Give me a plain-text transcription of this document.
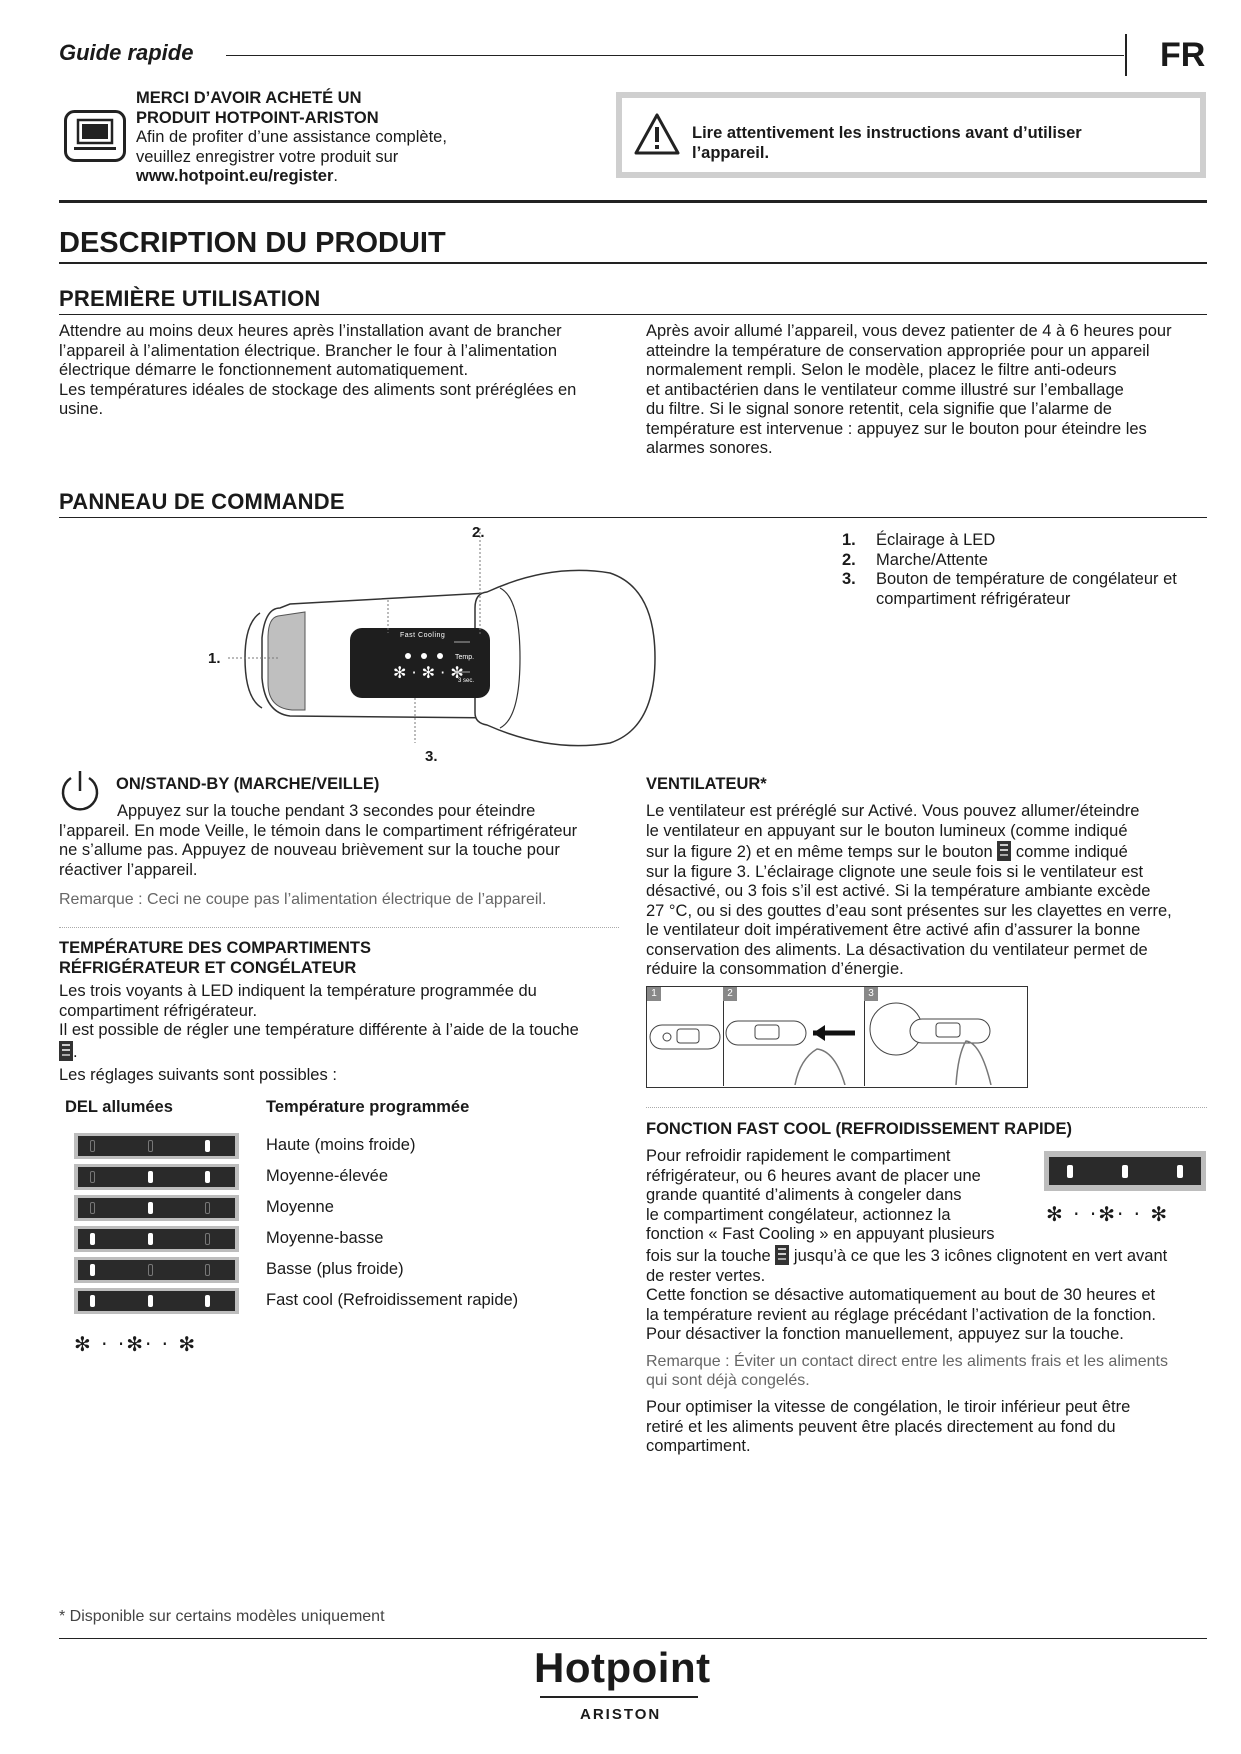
Guide rapide	FR
MERCI D’AVOIR ACHETÉ UN
PRODUIT HOTPOINT-ARISTON
Afin de profiter d’une assistance complète,
veuillez enregistrer votre produit sur
www.hotpoint.eu/register.
Lire attentivement les instructions avant d’utiliser
l’appareil.
DESCRIPTION DU PRODUIT
PREMIÈRE UTILISATION
Attendre au moins deux heures après l’installation avant de brancher
l’appareil à l’alimentation électrique. Brancher le four à l’alimentation
électrique démarre le fonctionnement automatiquement.
Les températures idéales de stockage des aliments sont préréglées en
usine.
Après avoir allumé l’appareil, vous devez patienter de 4 à 6 heures pour
atteindre la température de conservation appropriée pour un appareil
normalement rempli. Selon le modèle, placez le filtre anti-odeurs
et antibactérien dans le ventilateur comme illustré sur l’emballage
du filtre. Si le signal sonore retentit, cela signifie que l’alarme de
température est intervenue : appuyez sur le bouton pour éteindre les
alarmes sonores.
PANNEAU DE COMMANDE
✻ · ✻ · ✻
Fast Cooling
Temp.
3 sec.
2.
1.
3.
1.	Éclairage à LED
2.	Marche/Attente
3.	Bouton de température de congélateur et
compartiment réfrigérateur
ON/STAND-BY (MARCHE/VEILLE)
Appuyez sur la touche pendant 3 secondes pour éteindre
l’appareil. En mode Veille, le témoin dans le compartiment réfrigérateur
ne s’allume pas. Appuyez de nouveau brièvement sur la touche pour
réactiver l’appareil.
Remarque : Ceci ne coupe pas l’alimentation électrique de l’appareil.
TEMPÉRATURE DES COMPARTIMENTS
RÉFRIGÉRATEUR ET CONGÉLATEUR
Les trois voyants à LED indiquent la température programmée du
compartiment réfrigérateur.
Il est possible de régler une température différente à l’aide de la touche
.
Les réglages suivants sont possibles :
DEL allumées	Température programmée
Haute (moins froide)
Moyenne-élevée
Moyenne
Moyenne-basse
Basse (plus froide)
Fast cool (Refroidissement rapide)
✻ · ·✻· · ✻
VENTILATEUR*
Le ventilateur est préréglé sur Activé. Vous pouvez allumer/éteindre
le ventilateur en appuyant sur le bouton lumineux (comme indiqué
sur la figure 2) et en même temps sur le bouton comme indiqué
sur la figure 3. L’éclairage clignote une seule fois si le ventilateur est
désactivé, ou 3 fois s’il est activé. Si la température ambiante excède
27 °C, ou si des gouttes d’eau sont présentes sur les clayettes en verre,
le ventilateur doit impérativement être activé afin d’assurer la bonne
conservation des aliments. La désactivation du ventilateur permet de
réduire la consommation d’énergie.
1	2	3
FONCTION FAST COOL (REFROIDISSEMENT RAPIDE)
Pour refroidir rapidement le compartiment
réfrigérateur, ou 6 heures avant de placer une
grande quantité d’aliments à congeler dans
le compartiment congélateur, actionnez la
fonction « Fast Cooling » en appuyant plusieurs
fois sur la touche jusqu’à ce que les 3 icônes clignotent en vert avant
de rester vertes.
Cette fonction se désactive automatiquement au bout de 30 heures et
la température revient au réglage précédant l’activation de la fonction.
Pour désactiver la fonction manuellement, appuyez sur la touche.
✻ · ·✻· · ✻
Remarque : Éviter un contact direct entre les aliments frais et les aliments
qui sont déjà congelés.
Pour optimiser la vitesse de congélation, le tiroir inférieur peut être
retiré et les aliments peuvent être placés directement au fond du
compartiment.
* Disponible sur certains modèles uniquement
Hotpoint
ARISTON
